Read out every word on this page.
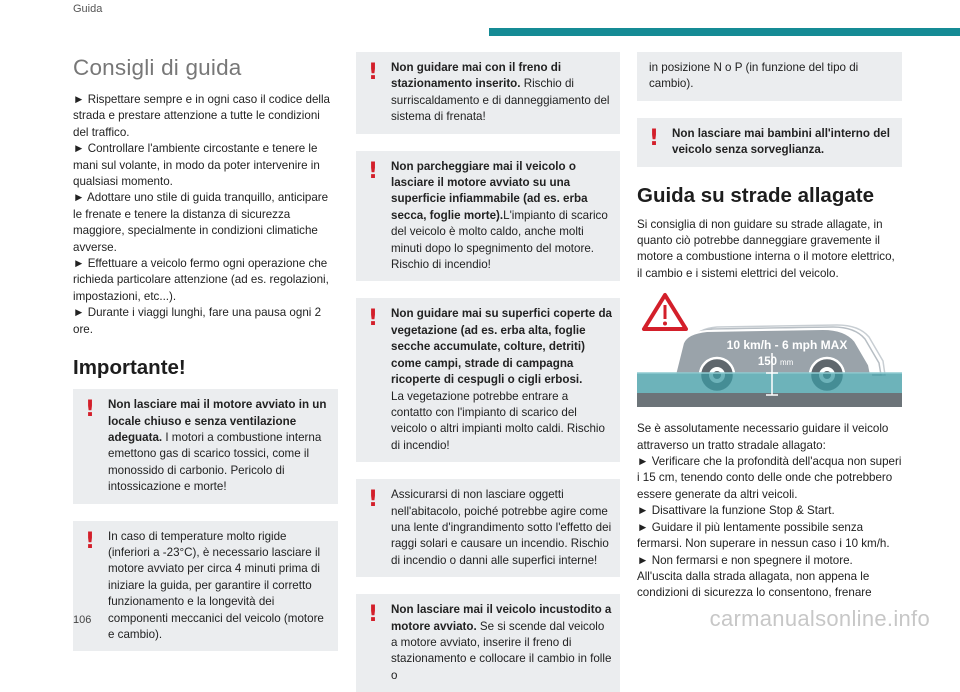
Guida
Consigli di guida
► Rispettare sempre e in ogni caso il codice della strada e prestare attenzione a tutte le condizioni del traffico.
► Controllare l'ambiente circostante e tenere le mani sul volante, in modo da poter intervenire in qualsiasi momento.
► Adottare uno stile di guida tranquillo, anticipare le frenate e tenere la distanza di sicurezza maggiore, specialmente in condizioni climatiche avverse.
► Effettuare a veicolo fermo ogni operazione che richieda particolare attenzione (ad es. regolazioni, impostazioni, etc...).
► Durante i viaggi lunghi, fare una pausa ogni 2 ore.
Importante!
!	Non lasciare mai il motore avviato in un locale chiuso e senza ventilazione adeguata. I motori a combustione interna emettono gas di scarico tossici, come il monossido di carbonio. Pericolo di intossicazione e morte!
!	In caso di temperature molto rigide (inferiori a -23°C), è necessario lasciare il motore avviato per circa 4 minuti prima di iniziare la guida, per garantire il corretto funzionamento e la longevità dei componenti meccanici del veicolo (motore e cambio).
!	Non guidare mai con il freno di stazionamento inserito. Rischio di surriscaldamento e di danneggiamento del sistema di frenata!
!	Non parcheggiare mai il veicolo o lasciare il motore avviato su una superficie infiammabile (ad es. erba secca, foglie morte).L'impianto di scarico del veicolo è molto caldo, anche molti minuti dopo lo spegnimento del motore. Rischio di incendio!
!	Non guidare mai su superfici coperte da vegetazione (ad es. erba alta, foglie secche accumulate, colture, detriti) come campi, strade di campagna ricoperte di cespugli o cigli erbosi.
La vegetazione potrebbe entrare a contatto con l'impianto di scarico del veicolo o altri impianti molto caldi. Rischio di incendio!
!	Assicurarsi di non lasciare oggetti nell'abitacolo, poiché potrebbe agire come una lente d'ingrandimento sotto l'effetto dei raggi solari e causare un incendio. Rischio di incendio o danni alle superfici interne!
!	Non lasciare mai il veicolo incustodito a motore avviato. Se si scende dal veicolo a motore avviato, inserire il freno di stazionamento e collocare il cambio in folle o
in posizione N o P (in funzione del tipo di cambio).
!	Non lasciare mai bambini all'interno del veicolo senza sorveglianza.
Guida su strade allagate
Si consiglia di non guidare su strade allagate, in quanto ciò potrebbe danneggiare gravemente il motore a combustione interna o il motore elettrico, il cambio e i sistemi elettrici del veicolo.
10 km/h - 6 mph MAX
150 mm
Se è assolutamente necessario guidare il veicolo attraverso un tratto stradale allagato:
► Verificare che la profondità dell'acqua non superi i 15 cm, tenendo conto delle onde che potrebbero essere generate da altri veicoli.
► Disattivare la funzione Stop & Start.
► Guidare il più lentamente possibile senza fermarsi. Non superare in nessun caso i 10 km/h.
► Non fermarsi e non spegnere il motore.
All'uscita dalla strada allagata, non appena le condizioni di sicurezza lo consentono, frenare
106	carmanualsonline.info
